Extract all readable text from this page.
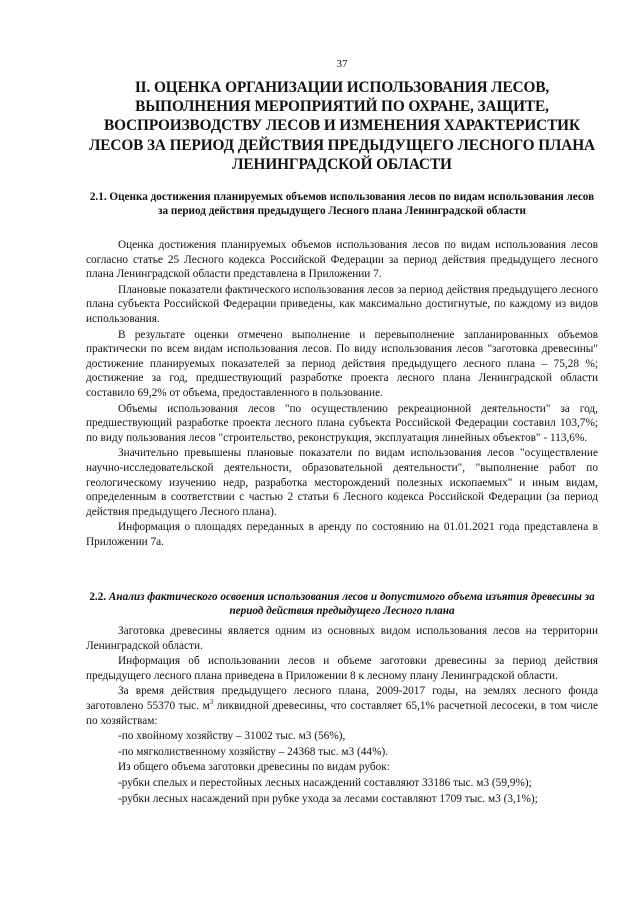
37
II. ОЦЕНКА ОРГАНИЗАЦИИ ИСПОЛЬЗОВАНИЯ ЛЕСОВ, ВЫПОЛНЕНИЯ МЕРОПРИЯТИЙ ПО ОХРАНЕ, ЗАЩИТЕ, ВОСПРОИЗВОДСТВУ ЛЕСОВ И ИЗМЕНЕНИЯ ХАРАКТЕРИСТИК ЛЕСОВ ЗА ПЕРИОД ДЕЙСТВИЯ ПРЕДЫДУЩЕГО ЛЕСНОГО ПЛАНА ЛЕНИНГРАДСКОЙ ОБЛАСТИ
2.1. Оценка достижения планируемых объемов использования лесов по видам использования лесов за период действия предыдущего Лесного плана Ленинградской области

Оценка достижения планируемых объемов использования лесов по видам использования лесов согласно статье 25 Лесного кодекса Российской Федерации за период действия предыдущего лесного плана Ленинградской области представлена в Приложении 7.

Плановые показатели фактического использования лесов за период действия предыдущего лесного плана субъекта Российской Федерации приведены, как максимально достигнутые, по каждому из видов использования.

В результате оценки отмечено выполнение и перевыполнение запланированных объемов практически по всем видам использования лесов. По виду использования лесов "заготовка древесины" достижение планируемых показателей за период действия предыдущего лесного плана – 75,28 %; достижение за год, предшествующий разработке проекта лесного плана Ленинградской области составило 69,2% от объема, предоставленного в пользование.

Объемы использования лесов "по осуществлению рекреационной деятельности" за год, предшествующий разработке проекта лесного плана субъекта Российской Федерации составил 103,7%; по виду пользования лесов "строительство, реконструкция, эксплуатация линейных объектов" - 113,6%.

Значительно превышены плановые показатели по видам использования лесов "осуществление научно-исследовательской деятельности, образовательной деятельности", "выполнение работ по геологическому изучению недр, разработка месторождений полезных ископаемых" и иным видам, определенным в соответствии с частью 2 статьи 6 Лесного кодекса Российской Федерации (за период действия предыдущего Лесного плана).

Информация о площадях переданных в аренду по состоянию на 01.01.2021 года представлена в Приложении 7а.

2.2. Анализ фактического освоения использования лесов и допустимого объема изъятия древесины за период действия предыдущего Лесного плана

Заготовка древесины является одним из основных видом использования лесов на территории Ленинградской области.

Информация об использовании лесов и объеме заготовки древесины за период действия предыдущего лесного плана приведена в Приложении 8 к лесному плану Ленинградской области.

За время действия предыдущего лесного плана, 2009-2017 годы, на землях лесного фонда заготовлено 55370 тыс. $м^3$ ликвидной древесины, что составляет 65,1% расчетной лесосеки, в том числе по хозяйствам:

-по хвойному хозяйству – 31002 тыс. м3 (56%),

-по мягколиственному хозяйству – 24368 тыс. м3 (44%).

Из общего объема заготовки древесины по видам рубок:

-рубки спелых и перестойных лесных насаждений составляют 33186 тыс. м3 (59,9%);

-рубки лесных насаждений при рубке ухода за лесами составляют 1709 тыс. м3 (3,1%);
